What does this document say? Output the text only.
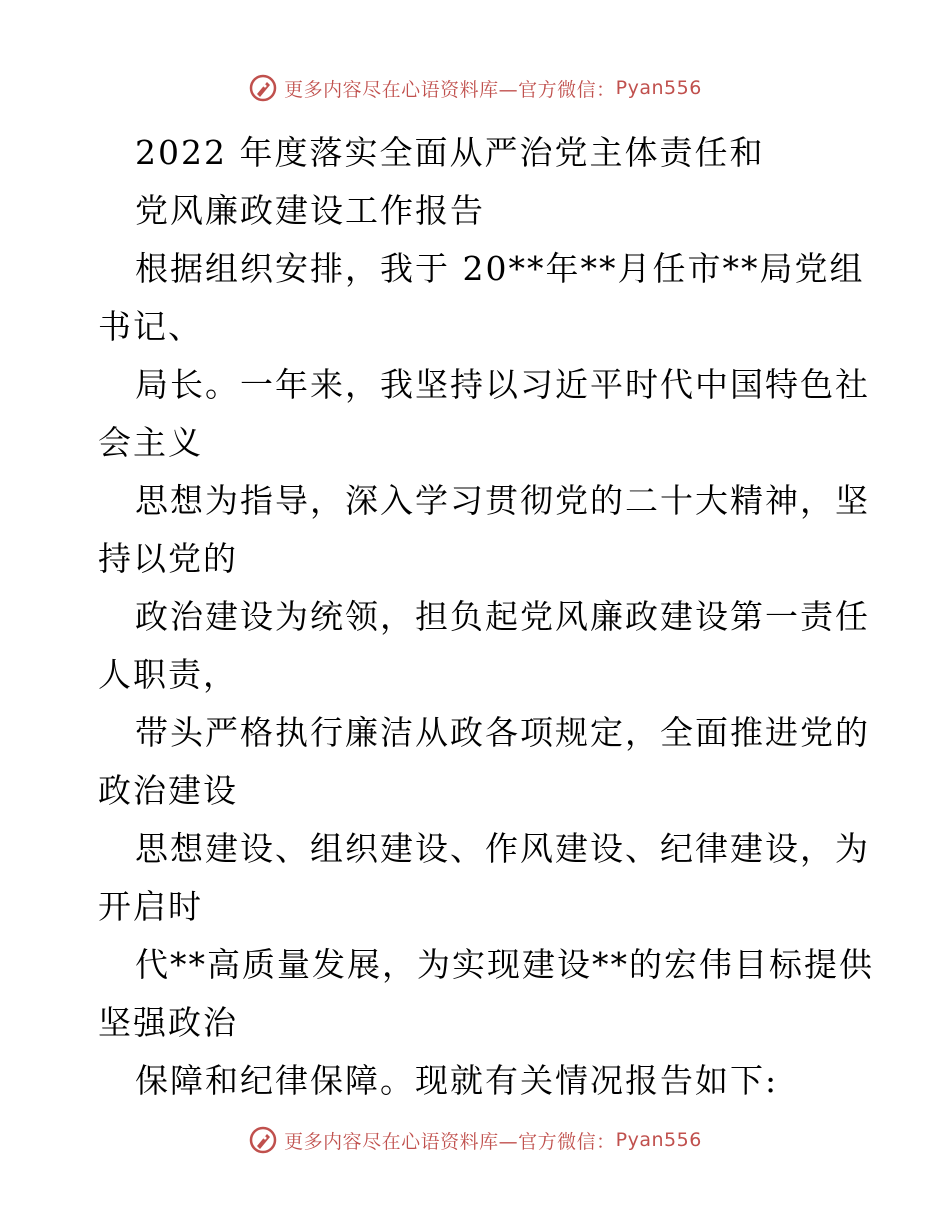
更多内容尽在心语资料库—官方微信： Pyan556
2022 年度落实全面从严治党主体责任和
党风廉政建设工作报告
根据组织安排，我于 20**年**月任市**局党组
书记、
局长。一年来，我坚持以习近平时代中国特色社
会主义
思想为指导，深入学习贯彻党的二十大精神，坚
持以党的
政治建设为统领，担负起党风廉政建设第一责任
人职责，
带头严格执行廉洁从政各项规定，全面推进党的
政治建设
思想建设、组织建设、作风建设、纪律建设，为
开启时
代**高质量发展，为实现建设**的宏伟目标提供
坚强政治
保障和纪律保障。现就有关情况报告如下:
更多内容尽在心语资料库—官方微信： Pyan556
